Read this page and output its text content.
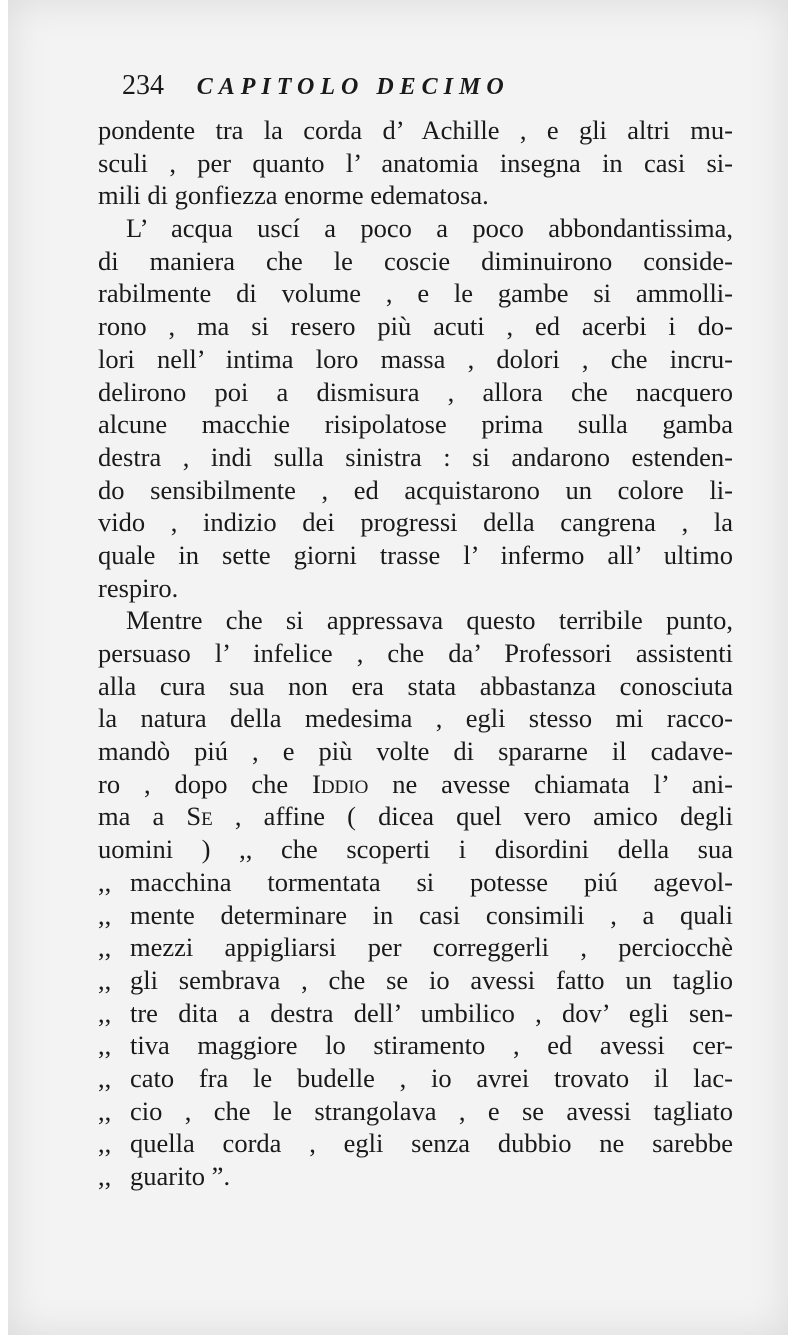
234 CAPITOLO DECIMO
pondente tra la corda d’ Achille , e gli altri mu-
sculi , per quanto l’ anatomia insegna in casi si-
mili di gonfiezza enorme edematosa.
L’ acqua uscí a poco a poco abbondantissima,
di maniera che le coscie diminuirono conside-
rabilmente di volume , e le gambe si ammolli-
rono , ma si resero più acuti , ed acerbi i do-
lori nell’ intima loro massa , dolori , che incru-
delirono poi a dismisura , allora che nacquero
alcune macchie risipolatose prima sulla gamba
destra , indi sulla sinistra : si andarono estenden-
do sensibilmente , ed acquistarono un colore li-
vido , indizio dei progressi della cangrena , la
quale in sette giorni trasse l’ infermo all’ ultimo
respiro.
Mentre che si appressava questo terribile punto,
persuaso l’ infelice , che da’ Professori assistenti
alla cura sua non era stata abbastanza conosciuta
la natura della medesima , egli stesso mi racco-
mandò piú , e più volte di spararne il cadave-
ro , dopo che Iddio ne avesse chiamata l’ ani-
ma a Se , affine ( dicea quel vero amico degli
uomini ) ,, che scoperti i disordini della sua
,, macchina tormentata si potesse piú agevol-
,, mente determinare in casi consimili , a quali
,, mezzi appigliarsi per correggerli , perciocchè
,, gli sembrava , che se io avessi fatto un taglio
,, tre dita a destra dell’ umbilico , dov’ egli sen-
,, tiva maggiore lo stiramento , ed avessi cer-
,, cato fra le budelle , io avrei trovato il lac-
,, cio , che le strangolava , e se avessi tagliato
,, quella corda , egli senza dubbio ne sarebbe
,, guarito ”.
